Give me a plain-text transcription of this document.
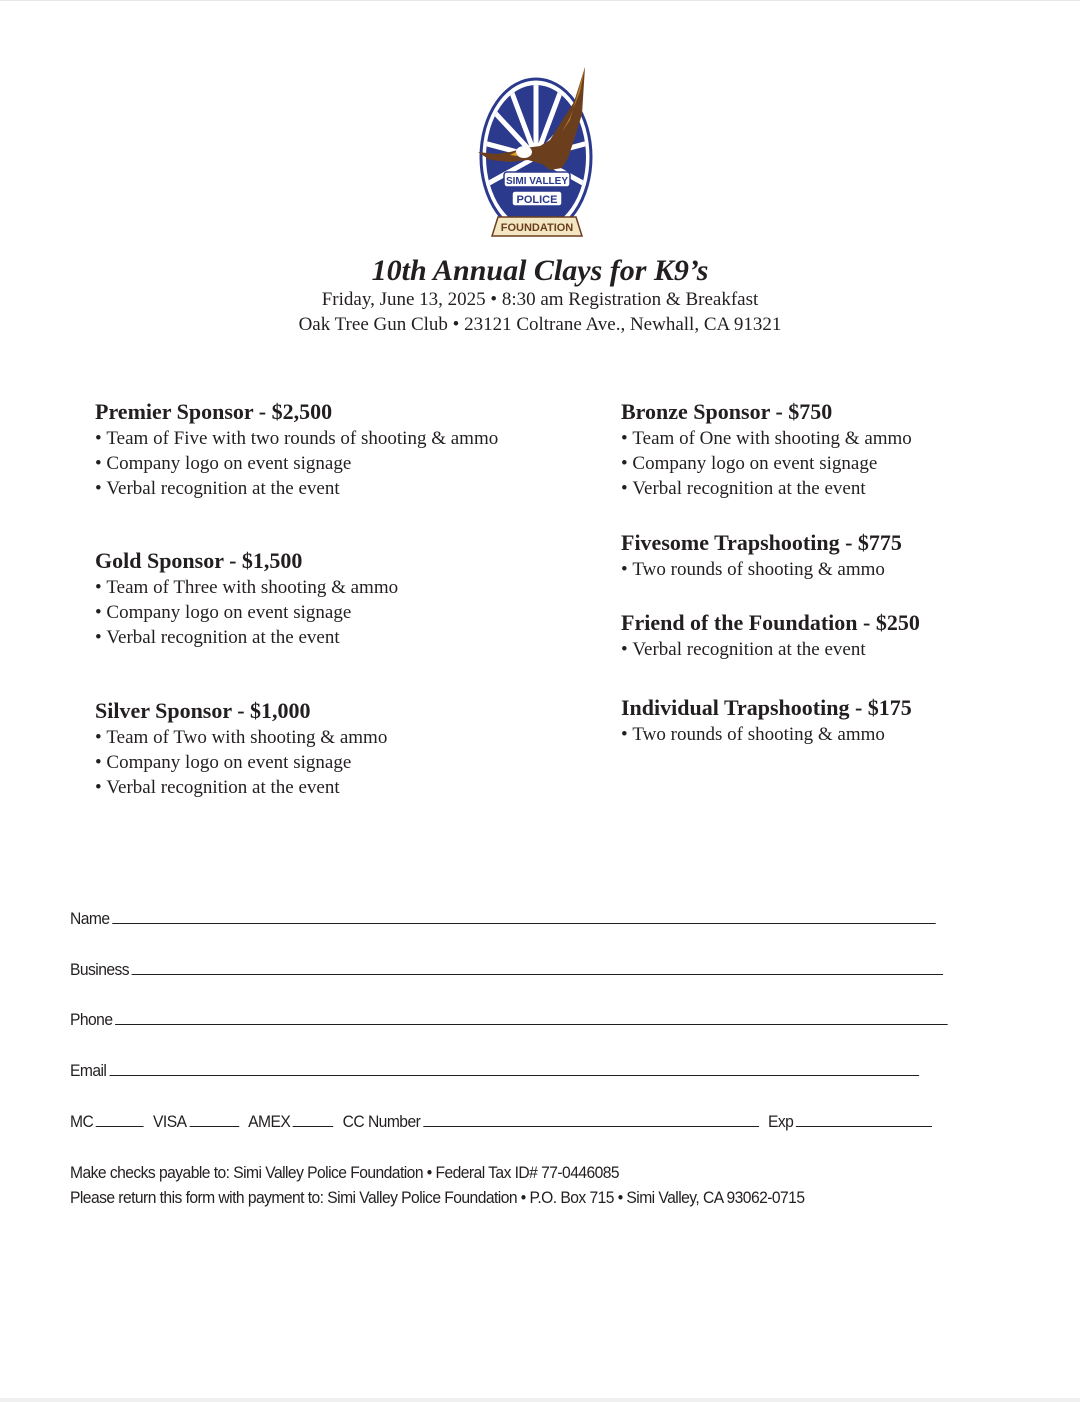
SIMI VALLEY
POLICE
FOUNDATION
10th Annual Clays for K9’s
Friday, June 13, 2025 • 8:30 am Registration & Breakfast
Oak Tree Gun Club • 23121 Coltrane Ave., Newhall, CA 91321
Premier Sponsor - $2,500
• Team of Five with two rounds of shooting & ammo
• Company logo on event signage
• Verbal recognition at the event
Gold Sponsor - $1,500
• Team of Three with shooting & ammo
• Company logo on event signage
• Verbal recognition at the event
Silver Sponsor - $1,000
• Team of Two with shooting & ammo
• Company logo on event signage
• Verbal recognition at the event
Bronze Sponsor - $750
• Team of One with shooting & ammo
• Company logo on event signage
• Verbal recognition at the event
Fivesome Trapshooting - $775
• Two rounds of shooting & ammo
Friend of the Foundation - $250
• Verbal recognition at the event
Individual Trapshooting - $175
• Two rounds of shooting & ammo
Name
Business
Phone
Email
MC	VISA	AMEX	CC Number	Exp
Make checks payable to: Simi Valley Police Foundation • Federal Tax ID# 77-0446085
Please return this form with payment to: Simi Valley Police Foundation • P.O. Box 715 • Simi Valley, CA 93062-0715
